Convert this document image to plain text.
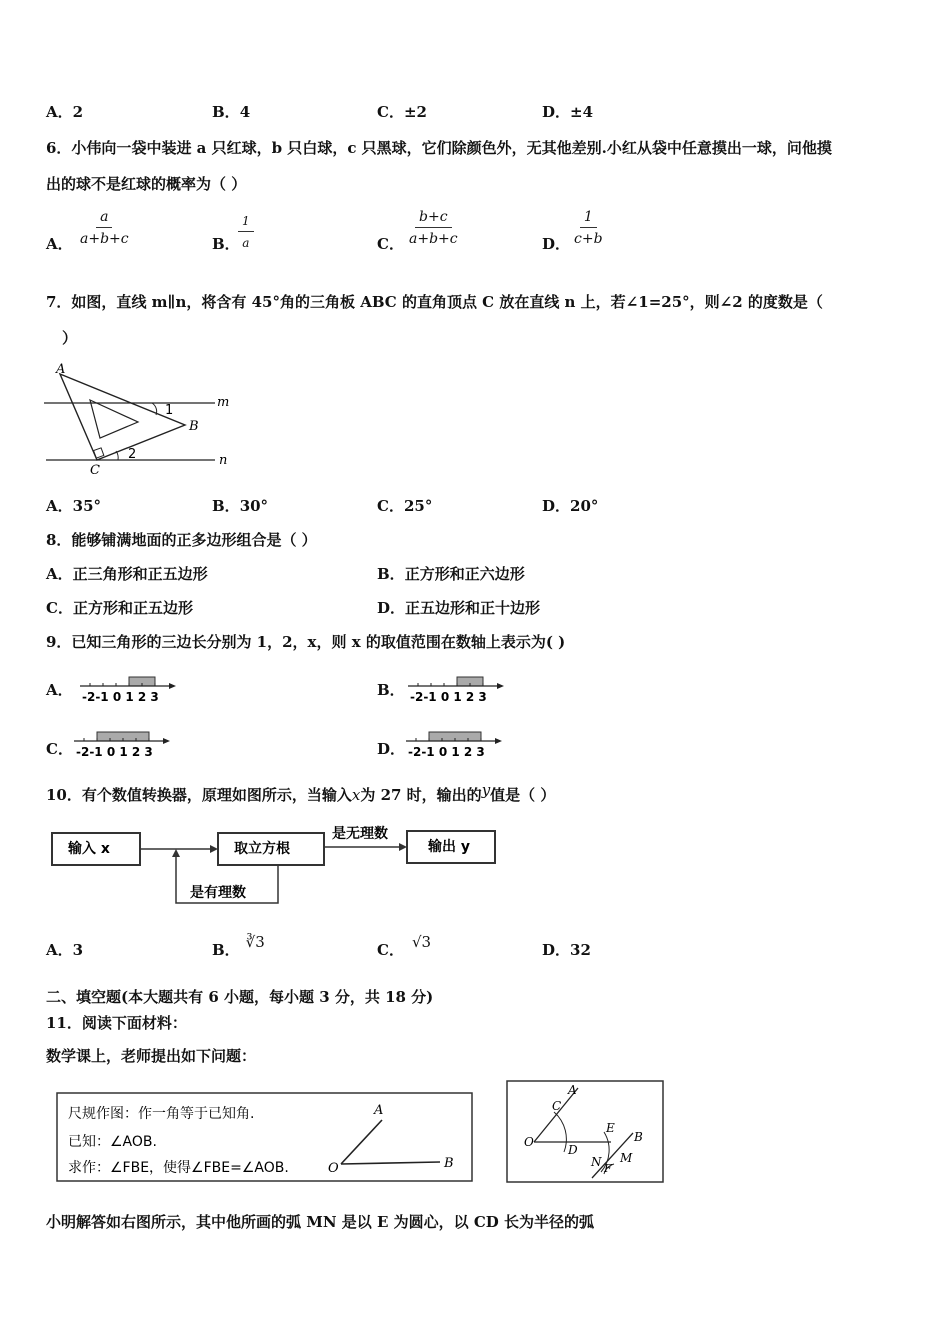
A．2	B．4	C．±2	D．±4
6．小伟向一袋中装进 a 只红球，b 只白球，c 只黑球，它们除颜色外，无其他差别.小红从袋中任意摸出一球，问他摸
出的球不是红球的概率为（ ）
A． $\frac{a}{a+b+c}$	B．
$\frac{1}{a}$	C． $\frac{b+c}{a+b+c}$	D． $\frac{1}{c+b}$
7．如图，直线 m∥n，将含有 45°角的三角板 ABC 的直角顶点 C 放在直线 n 上，若∠1=25°，则∠2 的度数是（
）
A
B
C
m
n
1
2
A．35°	B．30°	C．25°	D．20°
8．能够铺满地面的正多边形组合是（ ）
A．正三角形和正五边形	B．正方形和正六边形
C．正方形和正五边形	D．正五边形和正十边形
9．已知三角形的三边长分别为 1，2，x，则 x 的取值范围在数轴上表示为( )
A． -2-1 0 1 2 3	B． -2-1 0 1 2 3
C． -2-1 0 1 2 3	D． -2-1 0 1 2 3
10．有个数值转换器，原理如图所示，当输入x为 27 时，输出的y值是（ ）
输入 x	取立方根	输出 y
是无理数
是有理数
A．3	B． ∛3	C． √3	D．32
二、填空题(本大题共有 6 小题，每小题 3 分，共 18 分)
11．阅读下面材料：
数学课上，老师提出如下问题：
尺规作图：作一角等于已知角.
已知：∠AOB.
求作：∠FBE，使得∠FBE=∠AOB.
A
O	B
A
C
O
D
E
B
N M
F
小明解答如右图所示，其中他所画的弧 MN 是以 E 为圆心，以 CD 长为半径的弧
